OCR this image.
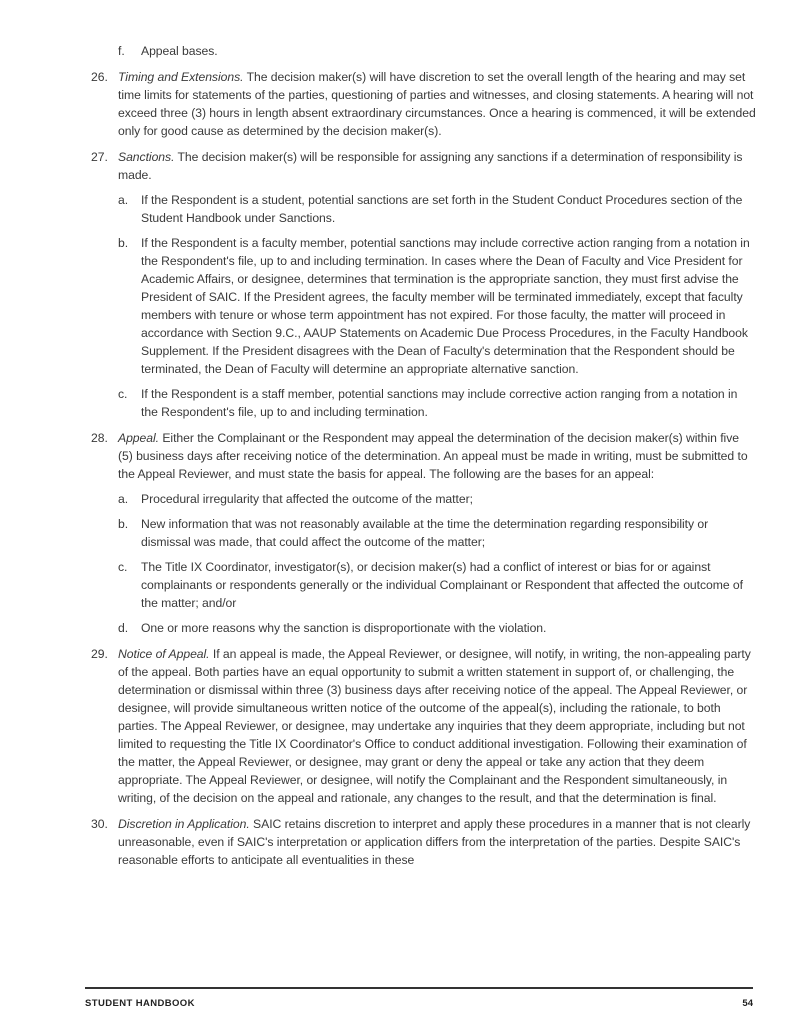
f. Appeal bases.
26. Timing and Extensions. The decision maker(s) will have discretion to set the overall length of the hearing and may set time limits for statements of the parties, questioning of parties and witnesses, and closing statements. A hearing will not exceed three (3) hours in length absent extraordinary circumstances. Once a hearing is commenced, it will be extended only for good cause as determined by the decision maker(s).
27. Sanctions. The decision maker(s) will be responsible for assigning any sanctions if a determination of responsibility is made.
a. If the Respondent is a student, potential sanctions are set forth in the Student Conduct Procedures section of the Student Handbook under Sanctions.
b. If the Respondent is a faculty member, potential sanctions may include corrective action ranging from a notation in the Respondent's file, up to and including termination. In cases where the Dean of Faculty and Vice President for Academic Affairs, or designee, determines that termination is the appropriate sanction, they must first advise the President of SAIC. If the President agrees, the faculty member will be terminated immediately, except that faculty members with tenure or whose term appointment has not expired. For those faculty, the matter will proceed in accordance with Section 9.C., AAUP Statements on Academic Due Process Procedures, in the Faculty Handbook Supplement. If the President disagrees with the Dean of Faculty's determination that the Respondent should be terminated, the Dean of Faculty will determine an appropriate alternative sanction.
c. If the Respondent is a staff member, potential sanctions may include corrective action ranging from a notation in the Respondent's file, up to and including termination.
28. Appeal. Either the Complainant or the Respondent may appeal the determination of the decision maker(s) within five (5) business days after receiving notice of the determination. An appeal must be made in writing, must be submitted to the Appeal Reviewer, and must state the basis for appeal. The following are the bases for an appeal:
a. Procedural irregularity that affected the outcome of the matter;
b. New information that was not reasonably available at the time the determination regarding responsibility or dismissal was made, that could affect the outcome of the matter;
c. The Title IX Coordinator, investigator(s), or decision maker(s) had a conflict of interest or bias for or against complainants or respondents generally or the individual Complainant or Respondent that affected the outcome of the matter; and/or
d. One or more reasons why the sanction is disproportionate with the violation.
29. Notice of Appeal. If an appeal is made, the Appeal Reviewer, or designee, will notify, in writing, the non-appealing party of the appeal. Both parties have an equal opportunity to submit a written statement in support of, or challenging, the determination or dismissal within three (3) business days after receiving notice of the appeal. The Appeal Reviewer, or designee, will provide simultaneous written notice of the outcome of the appeal(s), including the rationale, to both parties. The Appeal Reviewer, or designee, may undertake any inquiries that they deem appropriate, including but not limited to requesting the Title IX Coordinator's Office to conduct additional investigation. Following their examination of the matter, the Appeal Reviewer, or designee, may grant or deny the appeal or take any action that they deem appropriate. The Appeal Reviewer, or designee, will notify the Complainant and the Respondent simultaneously, in writing, of the decision on the appeal and rationale, any changes to the result, and that the determination is final.
30. Discretion in Application. SAIC retains discretion to interpret and apply these procedures in a manner that is not clearly unreasonable, even if SAIC's interpretation or application differs from the interpretation of the parties. Despite SAIC's reasonable efforts to anticipate all eventualities in these
STUDENT HANDBOOK	54
